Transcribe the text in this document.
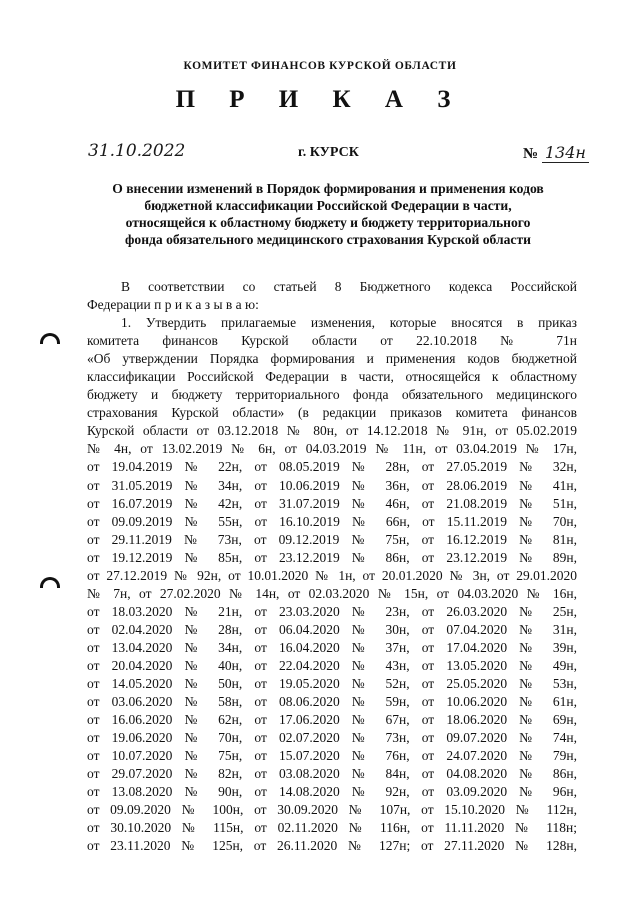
КОМИТЕТ ФИНАНСОВ КУРСКОЙ ОБЛАСТИ
П Р И К А З
31.10.2022	г. КУРСК	№ 134н
О внесении изменений в Порядок формирования и применения кодов
бюджетной классификации Российской Федерации в части,
относящейся к областному бюджету и бюджету территориального
фонда обязательного медицинского страхования Курской области
В соответствии со статьей 8 Бюджетного кодекса Российской
Федерации п р и к а з ы в а ю:
1. Утвердить прилагаемые изменения, которые вносятся в приказ
комитета финансов Курской области от 22.10.2018 № 71н
«Об утверждении Порядка формирования и применения кодов бюджетной
классификации Российской Федерации в части, относящейся к областному
бюджету и бюджету территориального фонда обязательного медицинского
страхования Курской области» (в редакции приказов комитета финансов
Курской области от 03.12.2018 № 80н, от 14.12.2018 № 91н, от 05.02.2019
№ 4н, от 13.02.2019 № 6н, от 04.03.2019 № 11н, от 03.04.2019 № 17н,
от 19.04.2019 № 22н, от 08.05.2019 № 28н, от 27.05.2019 № 32н,
от 31.05.2019 № 34н, от 10.06.2019 № 36н, от 28.06.2019 № 41н,
от 16.07.2019 № 42н, от 31.07.2019 № 46н, от 21.08.2019 № 51н,
от 09.09.2019 № 55н, от 16.10.2019 № 66н, от 15.11.2019 № 70н,
от 29.11.2019 № 73н, от 09.12.2019 № 75н, от 16.12.2019 № 81н,
от 19.12.2019 № 85н, от 23.12.2019 № 86н, от 23.12.2019 № 89н,
от 27.12.2019 № 92н, от 10.01.2020 № 1н, от 20.01.2020 № 3н, от 29.01.2020
№ 7н, от 27.02.2020 № 14н, от 02.03.2020 № 15н, от 04.03.2020 № 16н,
от 18.03.2020 № 21н, от 23.03.2020 № 23н, от 26.03.2020 № 25н,
от 02.04.2020 № 28н, от 06.04.2020 № 30н, от 07.04.2020 № 31н,
от 13.04.2020 № 34н, от 16.04.2020 № 37н, от 17.04.2020 № 39н,
от 20.04.2020 № 40н, от 22.04.2020 № 43н, от 13.05.2020 № 49н,
от 14.05.2020 № 50н, от 19.05.2020 № 52н, от 25.05.2020 № 53н,
от 03.06.2020 № 58н, от 08.06.2020 № 59н, от 10.06.2020 № 61н,
от 16.06.2020 № 62н, от 17.06.2020 № 67н, от 18.06.2020 № 69н,
от 19.06.2020 № 70н, от 02.07.2020 № 73н, от 09.07.2020 № 74н,
от 10.07.2020 № 75н, от 15.07.2020 № 76н, от 24.07.2020 № 79н,
от 29.07.2020 № 82н, от 03.08.2020 № 84н, от 04.08.2020 № 86н,
от 13.08.2020 № 90н, от 14.08.2020 № 92н, от 03.09.2020 № 96н,
от 09.09.2020 № 100н, от 30.09.2020 № 107н, от 15.10.2020 № 112н,
от 30.10.2020 № 115н, от 02.11.2020 № 116н, от 11.11.2020 № 118н;
от 23.11.2020 № 125н, от 26.11.2020 № 127н; от 27.11.2020 № 128н,
